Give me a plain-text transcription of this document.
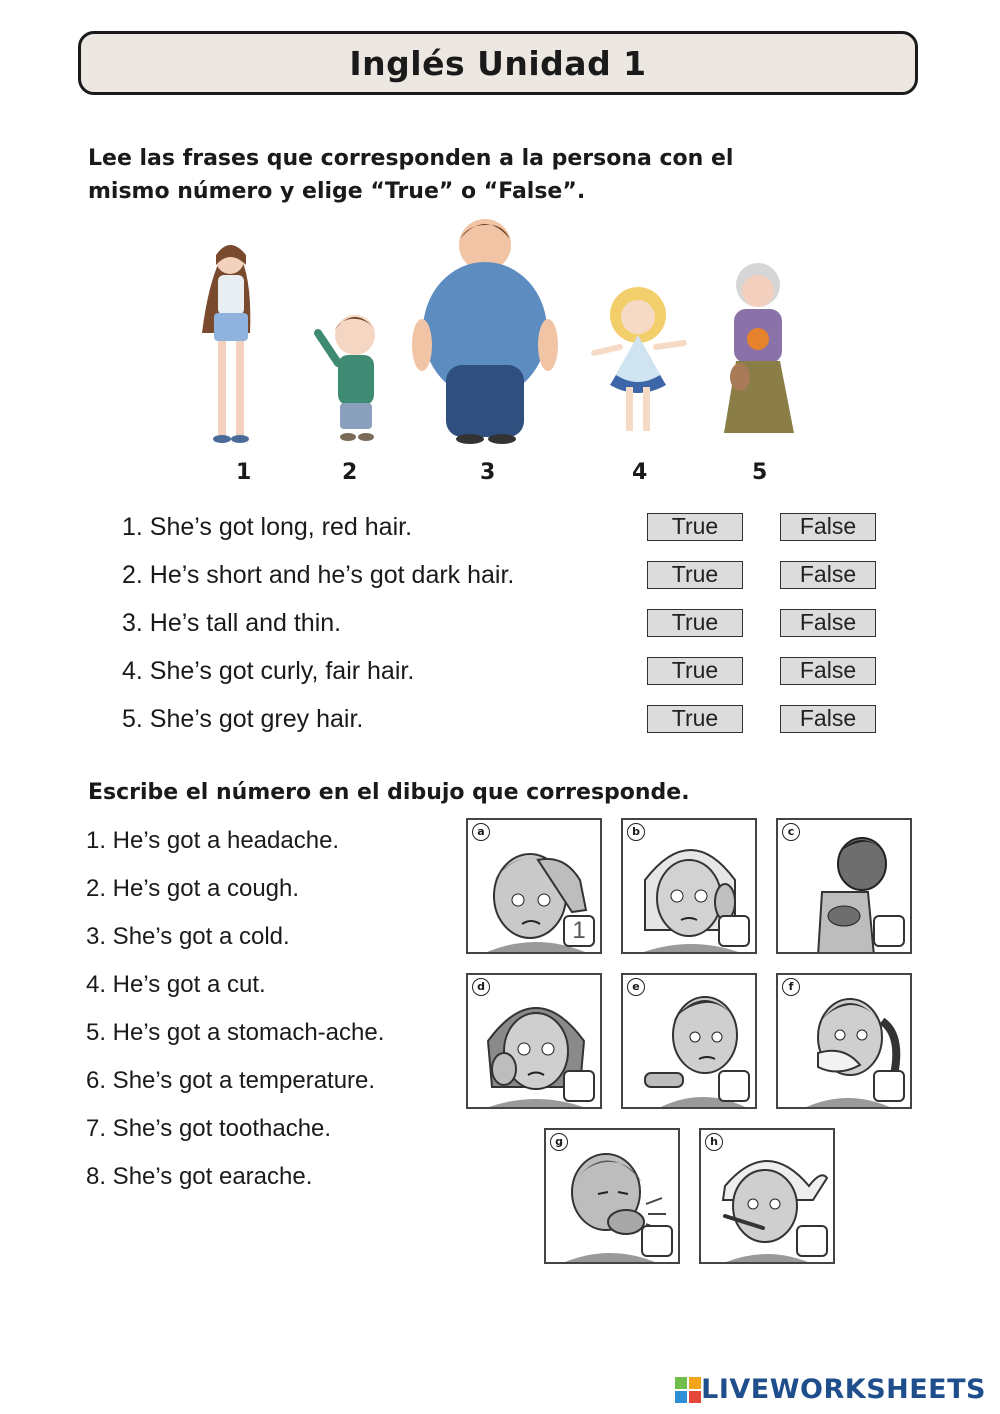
Inglés Unidad 1
Lee las frases que corresponden a la persona con el
mismo número y elige “True” o “False”.
1	2	3	4	5
1. She’s got long, red hair.	True	False
2. He’s short and he’s got dark hair.	True	False
3. He’s tall and thin.	True	False
4. She’s got curly, fair hair.	True	False
5. She’s got grey hair.	True	False
Escribe el número en el dibujo que corresponde.
1. He’s got a headache.
2. He’s got a cough.
3. She’s got a cold.
4. He’s got a cut.
5. He’s got a stomach-ache.
6. She’s got a temperature.
7. She’s got toothache.
8. She’s got earache.
a
1
b	c
d	e	f
g	h
LIVEWORKSHEETS
